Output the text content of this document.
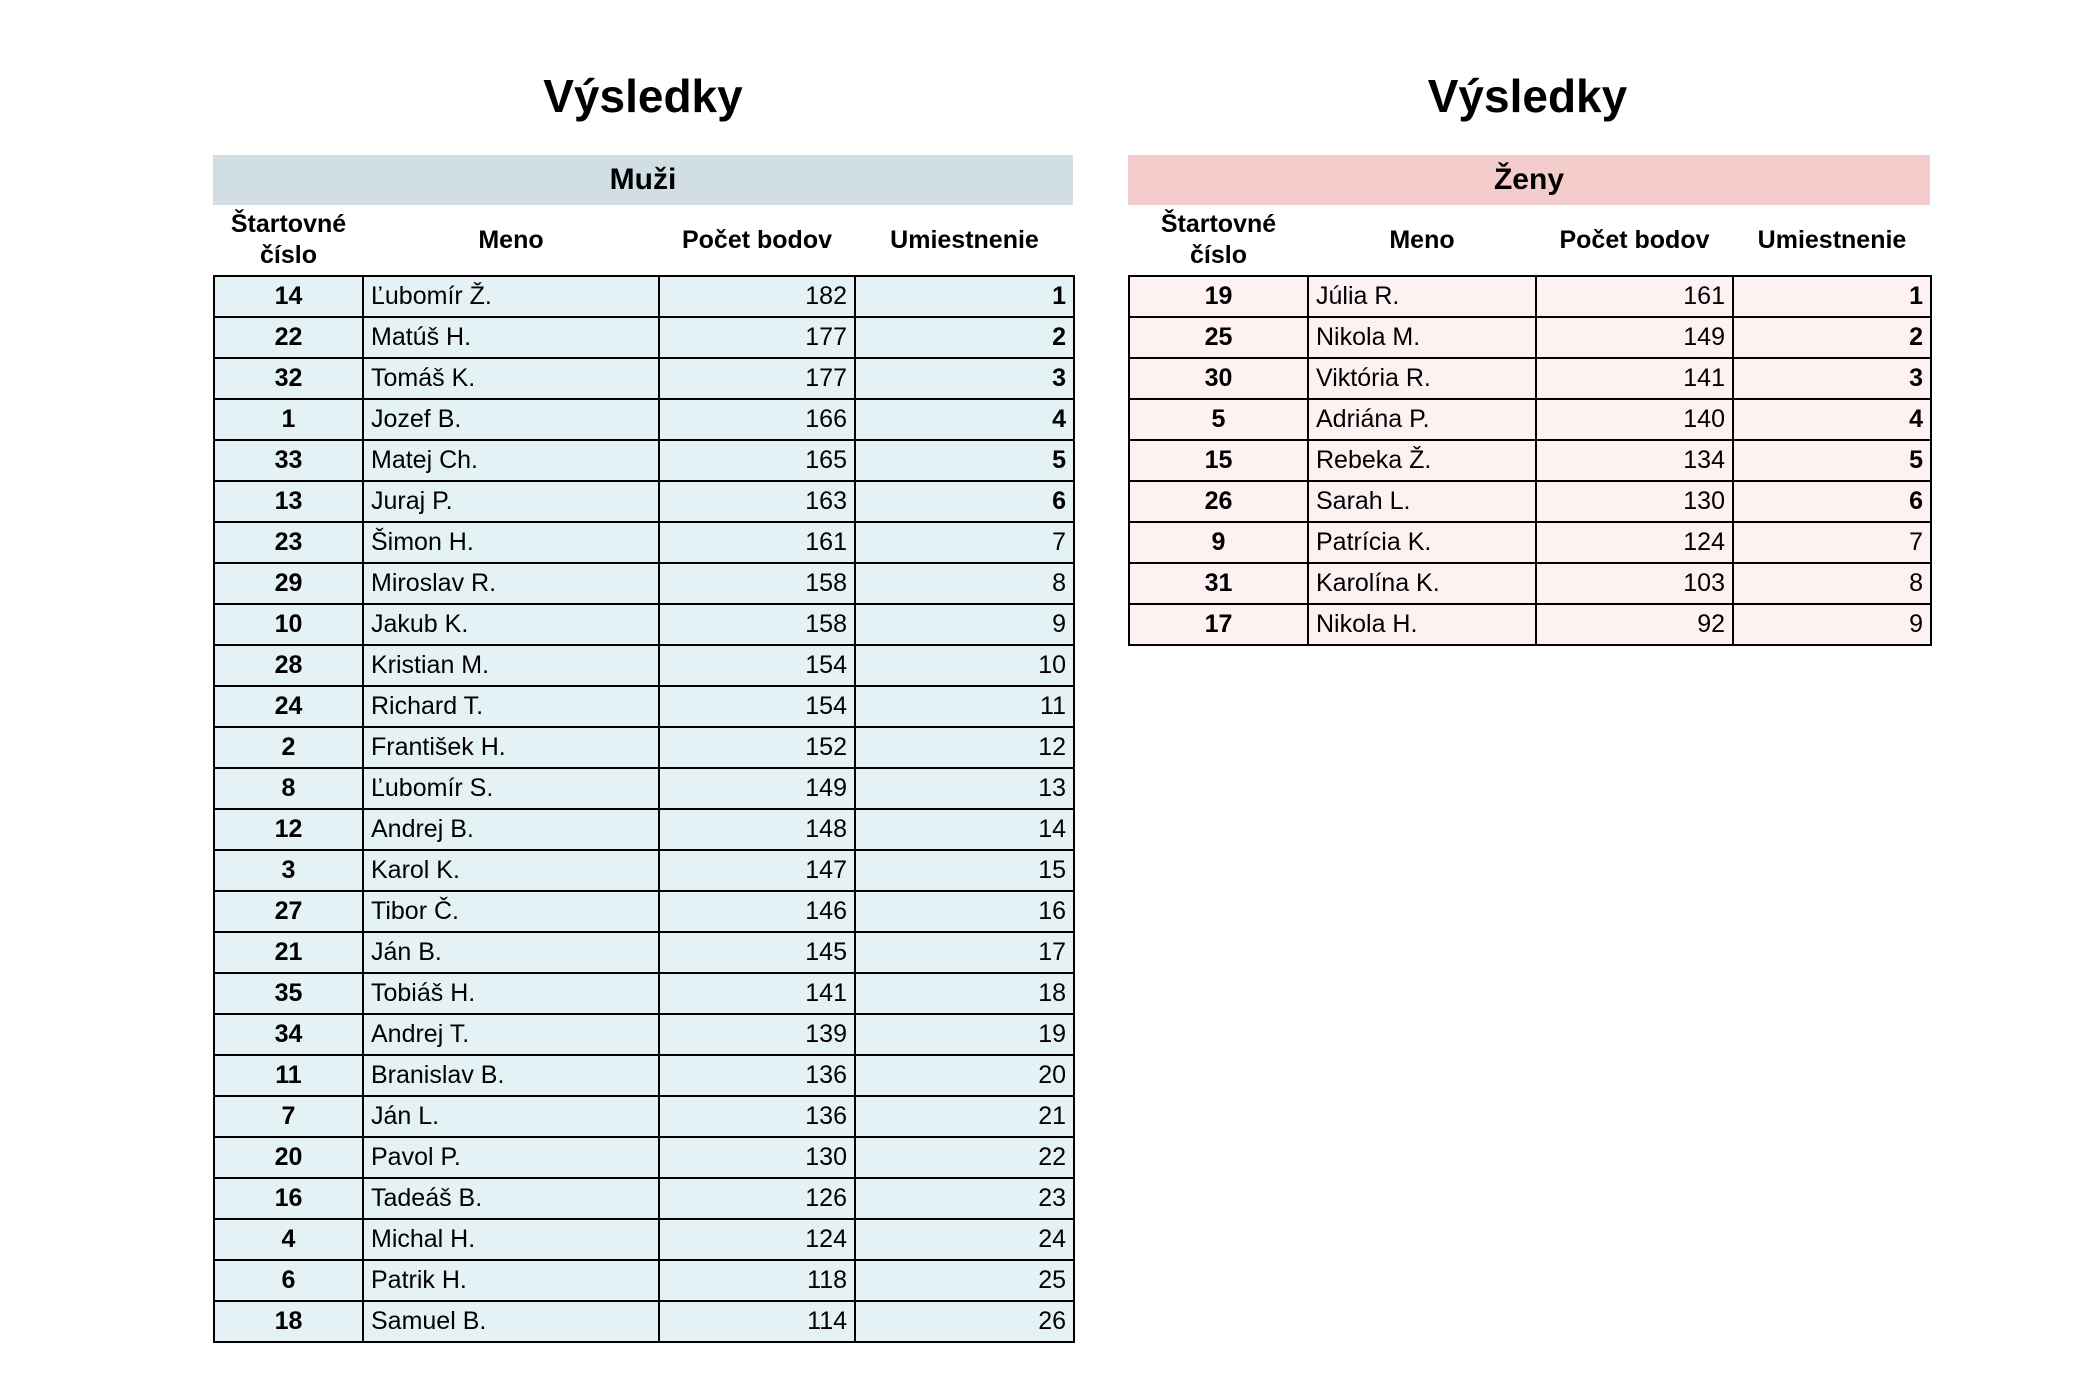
Výsledky	Výsledky
Muži	Ženy
Štartovné
číslo	Meno	Počet bodov	Umiestnenie
14	Ľubomír Ž.	182	1
22	Matúš H.	177	2
32	Tomáš K.	177	3
1	Jozef B.	166	4
33	Matej Ch.	165	5
13	Juraj P.	163	6
23	Šimon H.	161	7
29	Miroslav R.	158	8
10	Jakub K.	158	9
28	Kristian M.	154	10
24	Richard T.	154	11
2	František H.	152	12
8	Ľubomír S.	149	13
12	Andrej B.	148	14
3	Karol K.	147	15
27	Tibor Č.	146	16
21	Ján B.	145	17
35	Tobiáš H.	141	18
34	Andrej T.	139	19
11	Branislav B.	136	20
7	Ján L.	136	21
20	Pavol P.	130	22
16	Tadeáš B.	126	23
4	Michal H.	124	24
6	Patrik H.	118	25
18	Samuel B.	114	26
Štartovné
číslo	Meno	Počet bodov	Umiestnenie
19	Júlia R.	161	1
25	Nikola M.	149	2
30	Viktória R.	141	3
5	Adriána P.	140	4
15	Rebeka Ž.	134	5
26	Sarah L.	130	6
9	Patrícia K.	124	7
31	Karolína K.	103	8
17	Nikola H.	92	9
